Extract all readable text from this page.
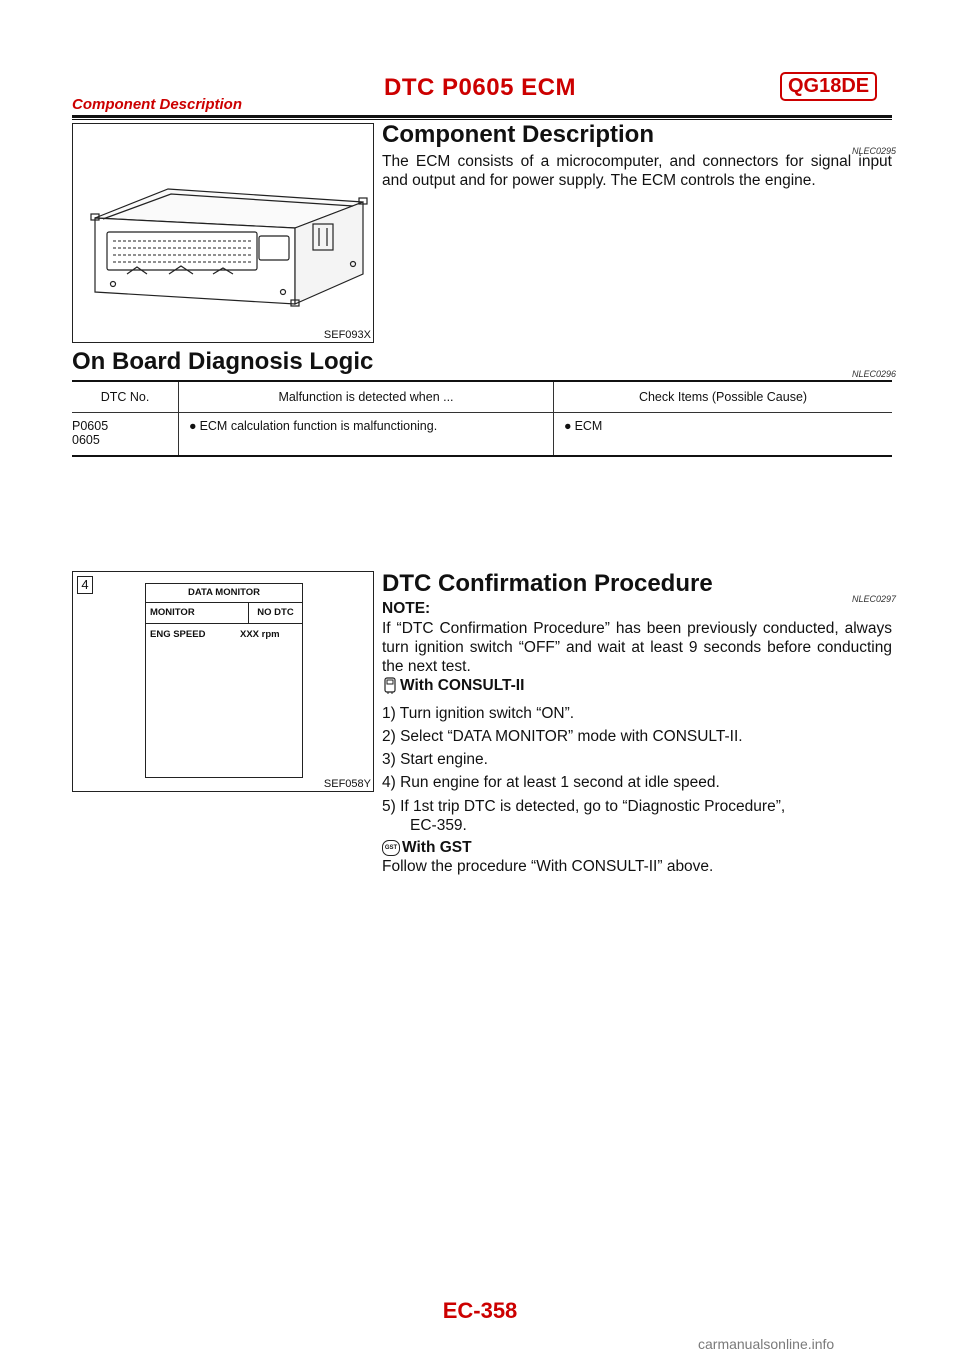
DTC P0605 ECM	QG18DE
Component Description
SEF093X
Component Description
NLEC0295
The ECM consists of a microcomputer, and connectors for signal input and output and for power supply. The ECM controls the engine.
On Board Diagnosis Logic	NLEC0296
DTC No.	Malfunction is detected when ...	Check Items (Possible Cause)

P0605
0605	● ECM calculation function is malfunctioning.	● ECM
4
DATA MONITOR
MONITOR	NO DTC
ENG SPEED	XXX rpm
SEF058Y
DTC Confirmation Procedure
NLEC0297
NOTE:
If “DTC Confirmation Procedure” has been previously conducted, always turn ignition switch “OFF” and wait at least 9 seconds before conducting the next test.
With CONSULT-II
1) Turn ignition switch “ON”.
2) Select “DATA MONITOR” mode with CONSULT-II.
3) Start engine.
4) Run engine for at least 1 second at idle speed.
5) If 1st trip DTC is detected, go to “Diagnostic Procedure”,
EC-359.
GST With GST
Follow the procedure “With CONSULT-II” above.
EC-358
carmanualsonline.info
